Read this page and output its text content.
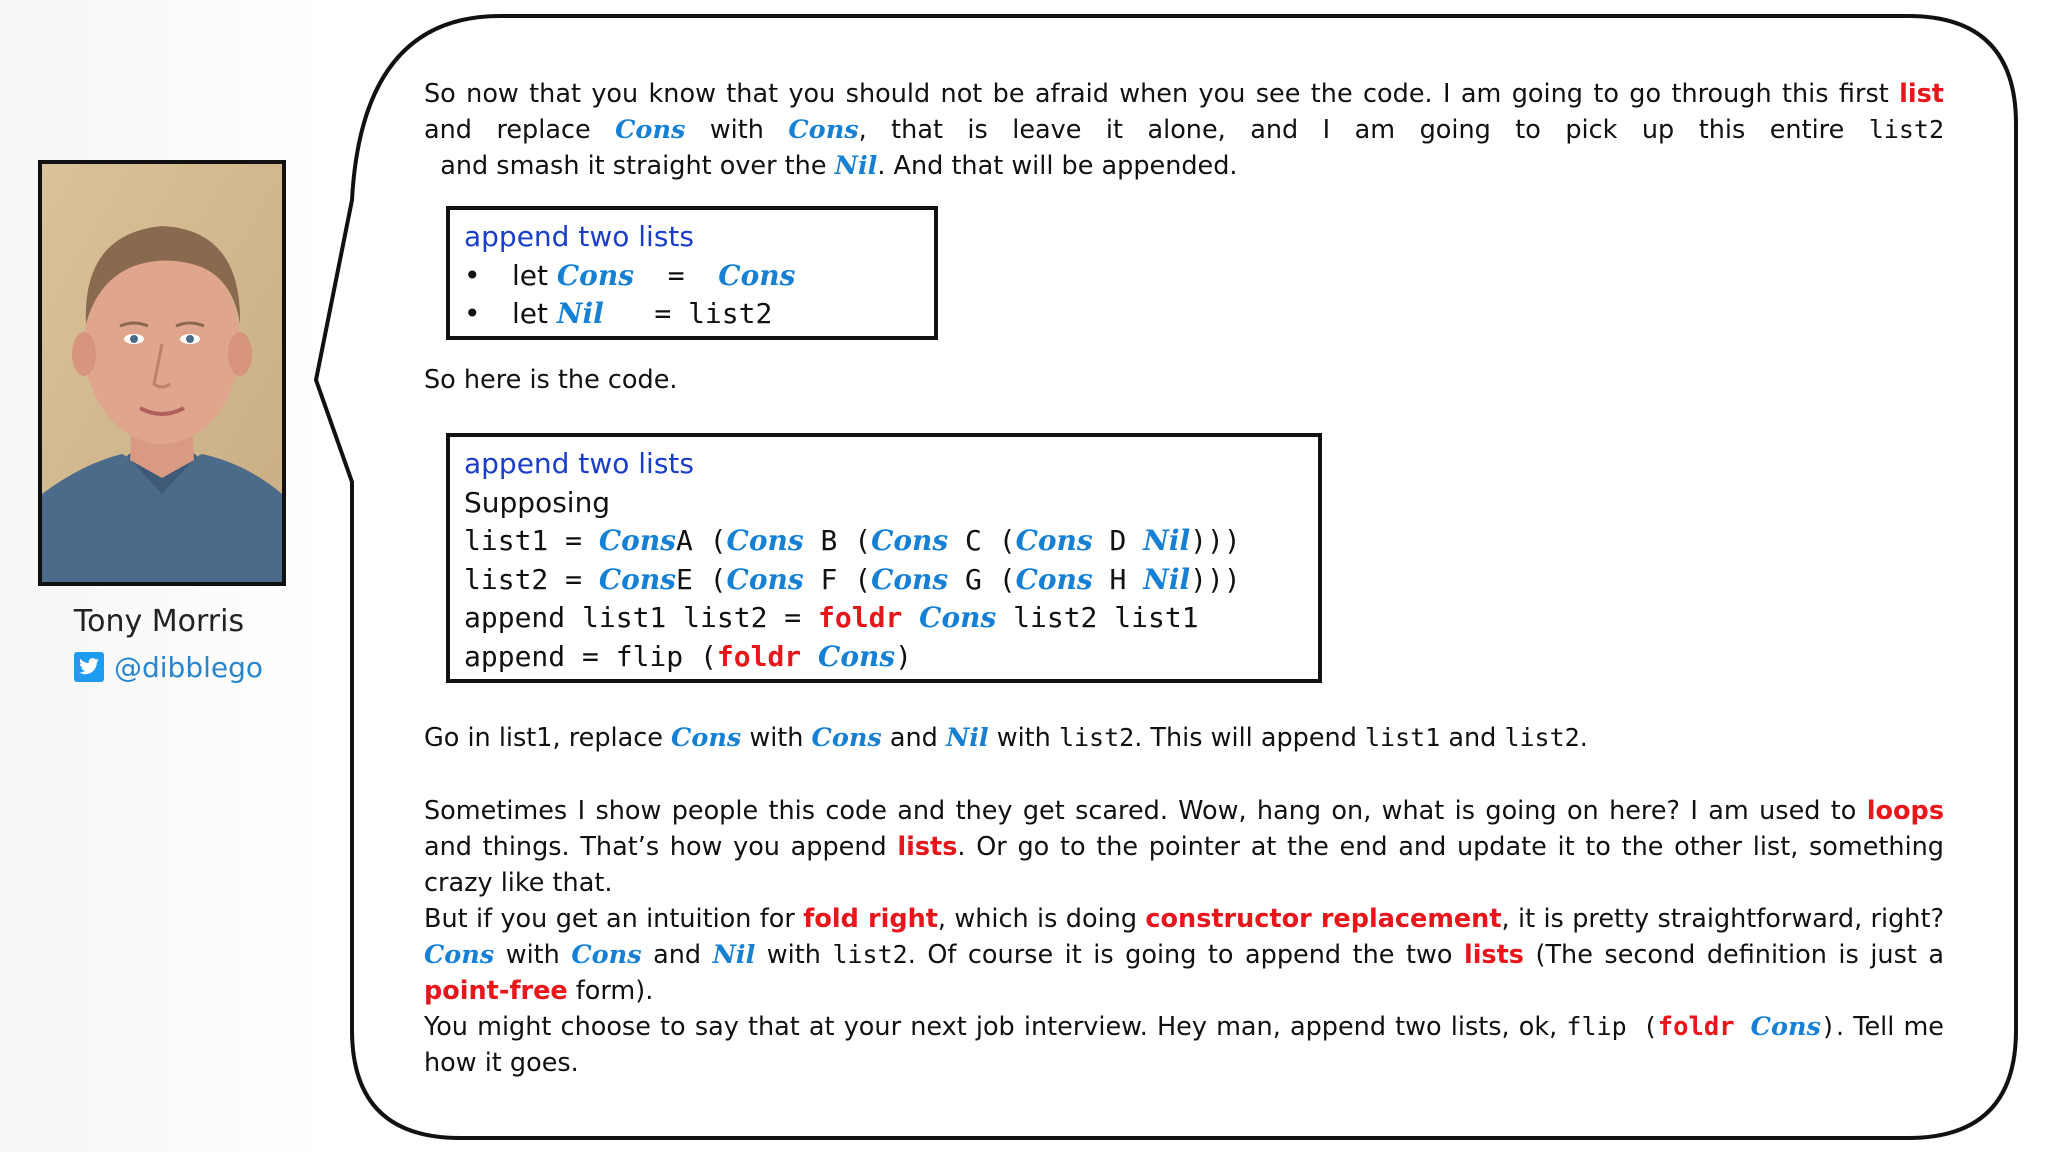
Tony Morris
@dibblego

So now that you know that you should not be afraid when you see the code. I am going to go through this first list and replace Cons with Cons, that is leave it alone, and I am going to pick up this entire list2  and smash it straight over the Nil. And that will be appended.

append two lists
•	let Cons = Cons
•	let Nil = list2

So here is the code.

append two lists
Supposing
list1 = ConsA (Cons B (Cons C (Cons D Nil)))
list2 = ConsE (Cons F (Cons G (Cons H Nil)))
append list1 list2 = foldr Cons list2 list1
append = flip (foldr Cons)

Go in list1, replace Cons with Cons and Nil with list2. This will append list1 and list2.

Sometimes I show people this code and they get scared. Wow, hang on, what is going on here? I am used to loops and things. That’s how you append lists. Or go to the pointer at the end and update it to the other list, something crazy like that.

But if you get an intuition for fold right, which is doing constructor replacement, it is pretty straightforward, right? Cons with Cons and Nil with list2. Of course it is going to append the two lists (The second definition is just a point-free form).

You might choose to say that at your next job interview. Hey man, append two lists, ok, flip (foldr Cons). Tell me how it goes.
